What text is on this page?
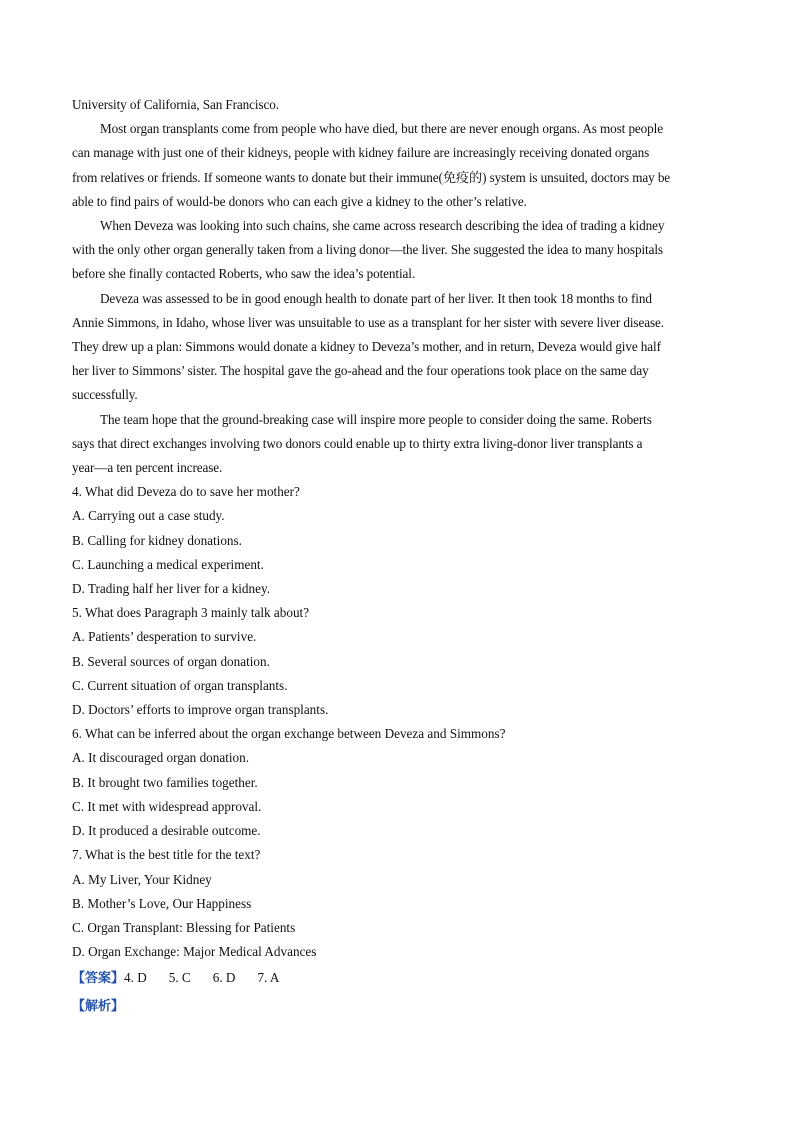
University of California, San Francisco.
Most organ transplants come from people who have died, but there are never enough organs. As most people
can manage with just one of their kidneys, people with kidney failure are increasingly receiving donated organs
from relatives or friends. If someone wants to donate but their immune(免疫的) system is unsuited, doctors may be
able to find pairs of would-be donors who can each give a kidney to the other’s relative.
When Deveza was looking into such chains, she came across research describing the idea of trading a kidney
with the only other organ generally taken from a living donor—the liver. She suggested the idea to many hospitals
before she finally contacted Roberts, who saw the idea’s potential.
Deveza was assessed to be in good enough health to donate part of her liver. It then took 18 months to find
Annie Simmons, in Idaho, whose liver was unsuitable to use as a transplant for her sister with severe liver disease.
They drew up a plan: Simmons would donate a kidney to Deveza’s mother, and in return, Deveza would give half
her liver to Simmons’ sister. The hospital gave the go-ahead and the four operations took place on the same day
successfully.
The team hope that the ground-breaking case will inspire more people to consider doing the same. Roberts
says that direct exchanges involving two donors could enable up to thirty extra living-donor liver transplants a
year—a ten percent increase.
4. What did Deveza do to save her mother?
A. Carrying out a case study.
B. Calling for kidney donations.
C. Launching a medical experiment.
D. Trading half her liver for a kidney.
5. What does Paragraph 3 mainly talk about?
A. Patients’ desperation to survive.
B. Several sources of organ donation.
C. Current situation of organ transplants.
D. Doctors’ efforts to improve organ transplants.
6. What can be inferred about the organ exchange between Deveza and Simmons?
A. It discouraged organ donation.
B. It brought two families together.
C. It met with widespread approval.
D. It produced a desirable outcome.
7. What is the best title for the text?
A. My Liver, Your Kidney
B. Mother’s Love, Our Happiness
C. Organ Transplant: Blessing for Patients
D. Organ Exchange: Major Medical Advances
【答案】4. D 5. C 6. D 7. A
【解析】
